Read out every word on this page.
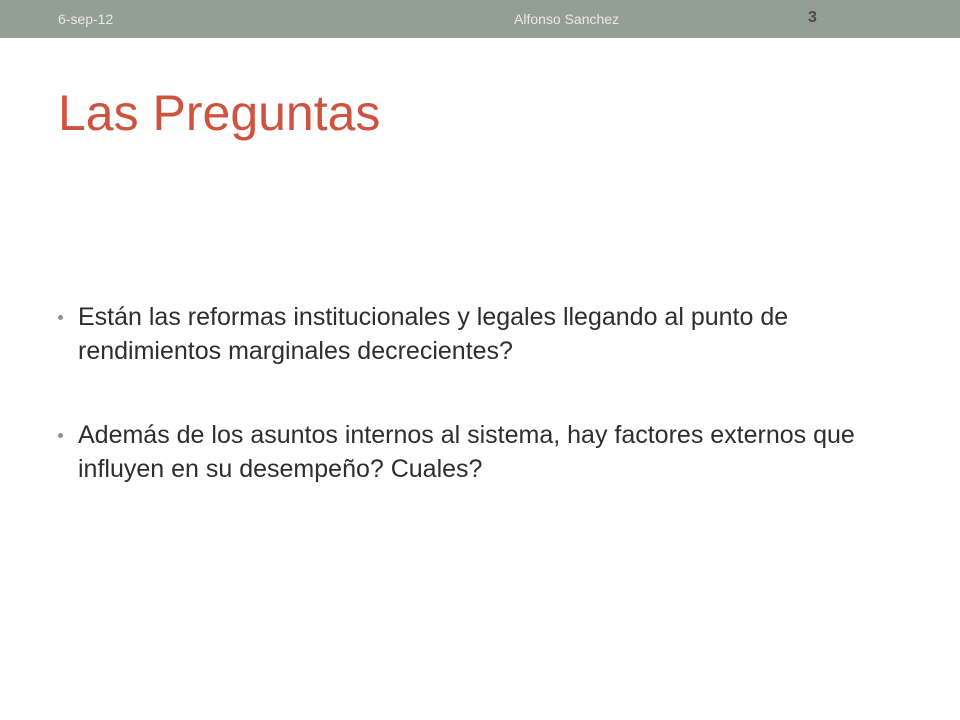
6-sep-12	Alfonso Sanchez	3
Las Preguntas
Están las reformas institucionales y legales llegando al punto de rendimientos marginales decrecientes?
Además de los asuntos internos al sistema, hay factores externos que influyen en su desempeño? Cuales?
